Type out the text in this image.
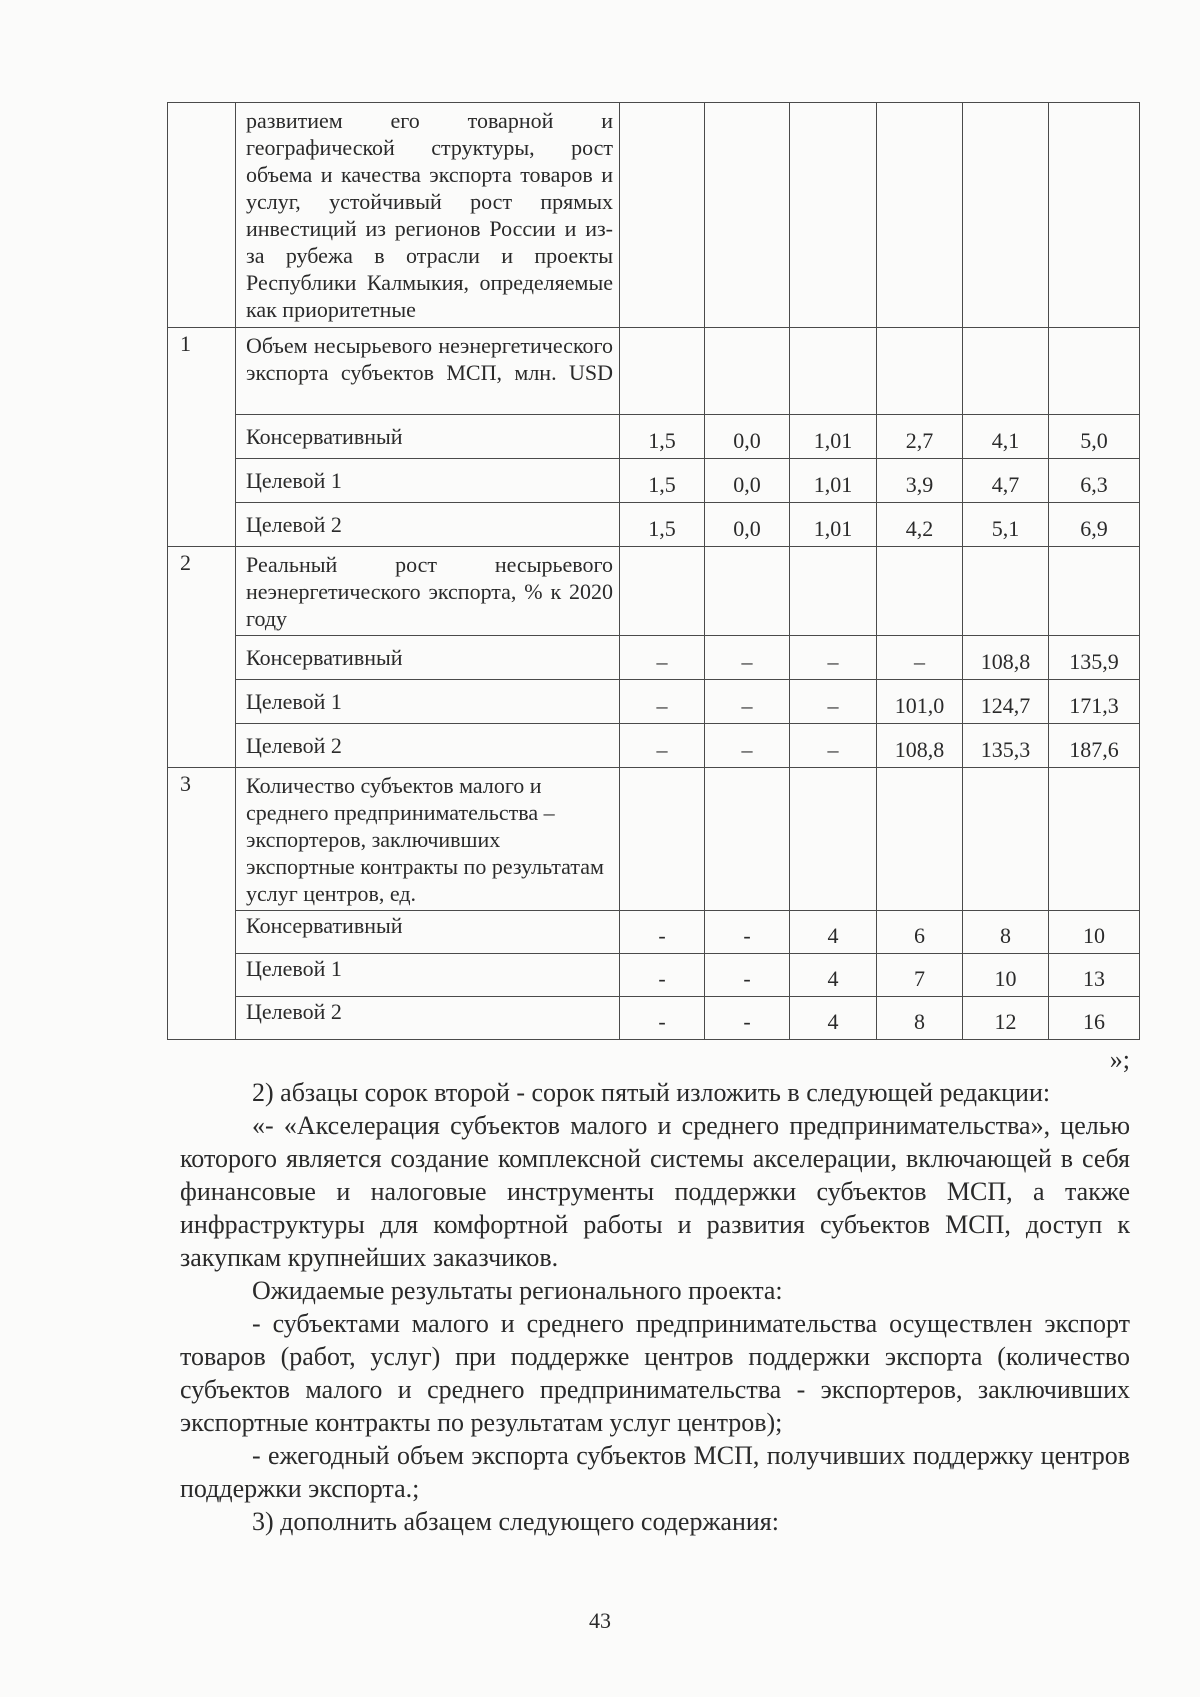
	развитием его товарной и географической структуры, рост объема и качества экспорта товаров и услуг, устойчивый рост прямых инвестиций из регионов России и из-за рубежа в отрасли и проекты Республики Калмыкия, определяемые как приоритетные						
1	Объем несырьевого неэнергетического экспорта субъектов МСП, млн. USD						
	Консервативный	1,5	0,0	1,01	2,7	4,1	5,0
	Целевой 1	1,5	0,0	1,01	3,9	4,7	6,3
	Целевой 2	1,5	0,0	1,01	4,2	5,1	6,9
2	Реальный рост несырьевого неэнергетического экспорта, % к 2020 году						
	Консервативный	–	–	–	–	108,8	135,9
	Целевой 1	–	–	–	101,0	124,7	171,3
	Целевой 2	–	–	–	108,8	135,3	187,6
3	Количество субъектов малого и среднего предпринимательства – экспортеров, заключивших экспортные контракты по результатам услуг центров, ед.						
	Консервативный	-	-	4	6	8	10
	Целевой 1	-	-	4	7	10	13
	Целевой 2	-	-	4	8	12	16
»;

2) абзацы сорок второй - сорок пятый изложить в следующей редакции:

«- «Акселерация субъектов малого и среднего предпринимательства», целью которого является создание комплексной системы акселерации, включающей в себя финансовые и налоговые инструменты поддержки субъектов МСП, а также инфраструктуры для комфортной работы и развития субъектов МСП, доступ к закупкам крупнейших заказчиков.

Ожидаемые результаты регионального проекта:

- субъектами малого и среднего предпринимательства осуществлен экспорт товаров (работ, услуг) при поддержке центров поддержки экспорта (количество субъектов малого и среднего предпринимательства - экспортеров, заключивших экспортные контракты по результатам услуг центров);

- ежегодный объем экспорта субъектов МСП, получивших поддержку центров поддержки экспорта.;

3) дополнить абзацем следующего содержания:

43
